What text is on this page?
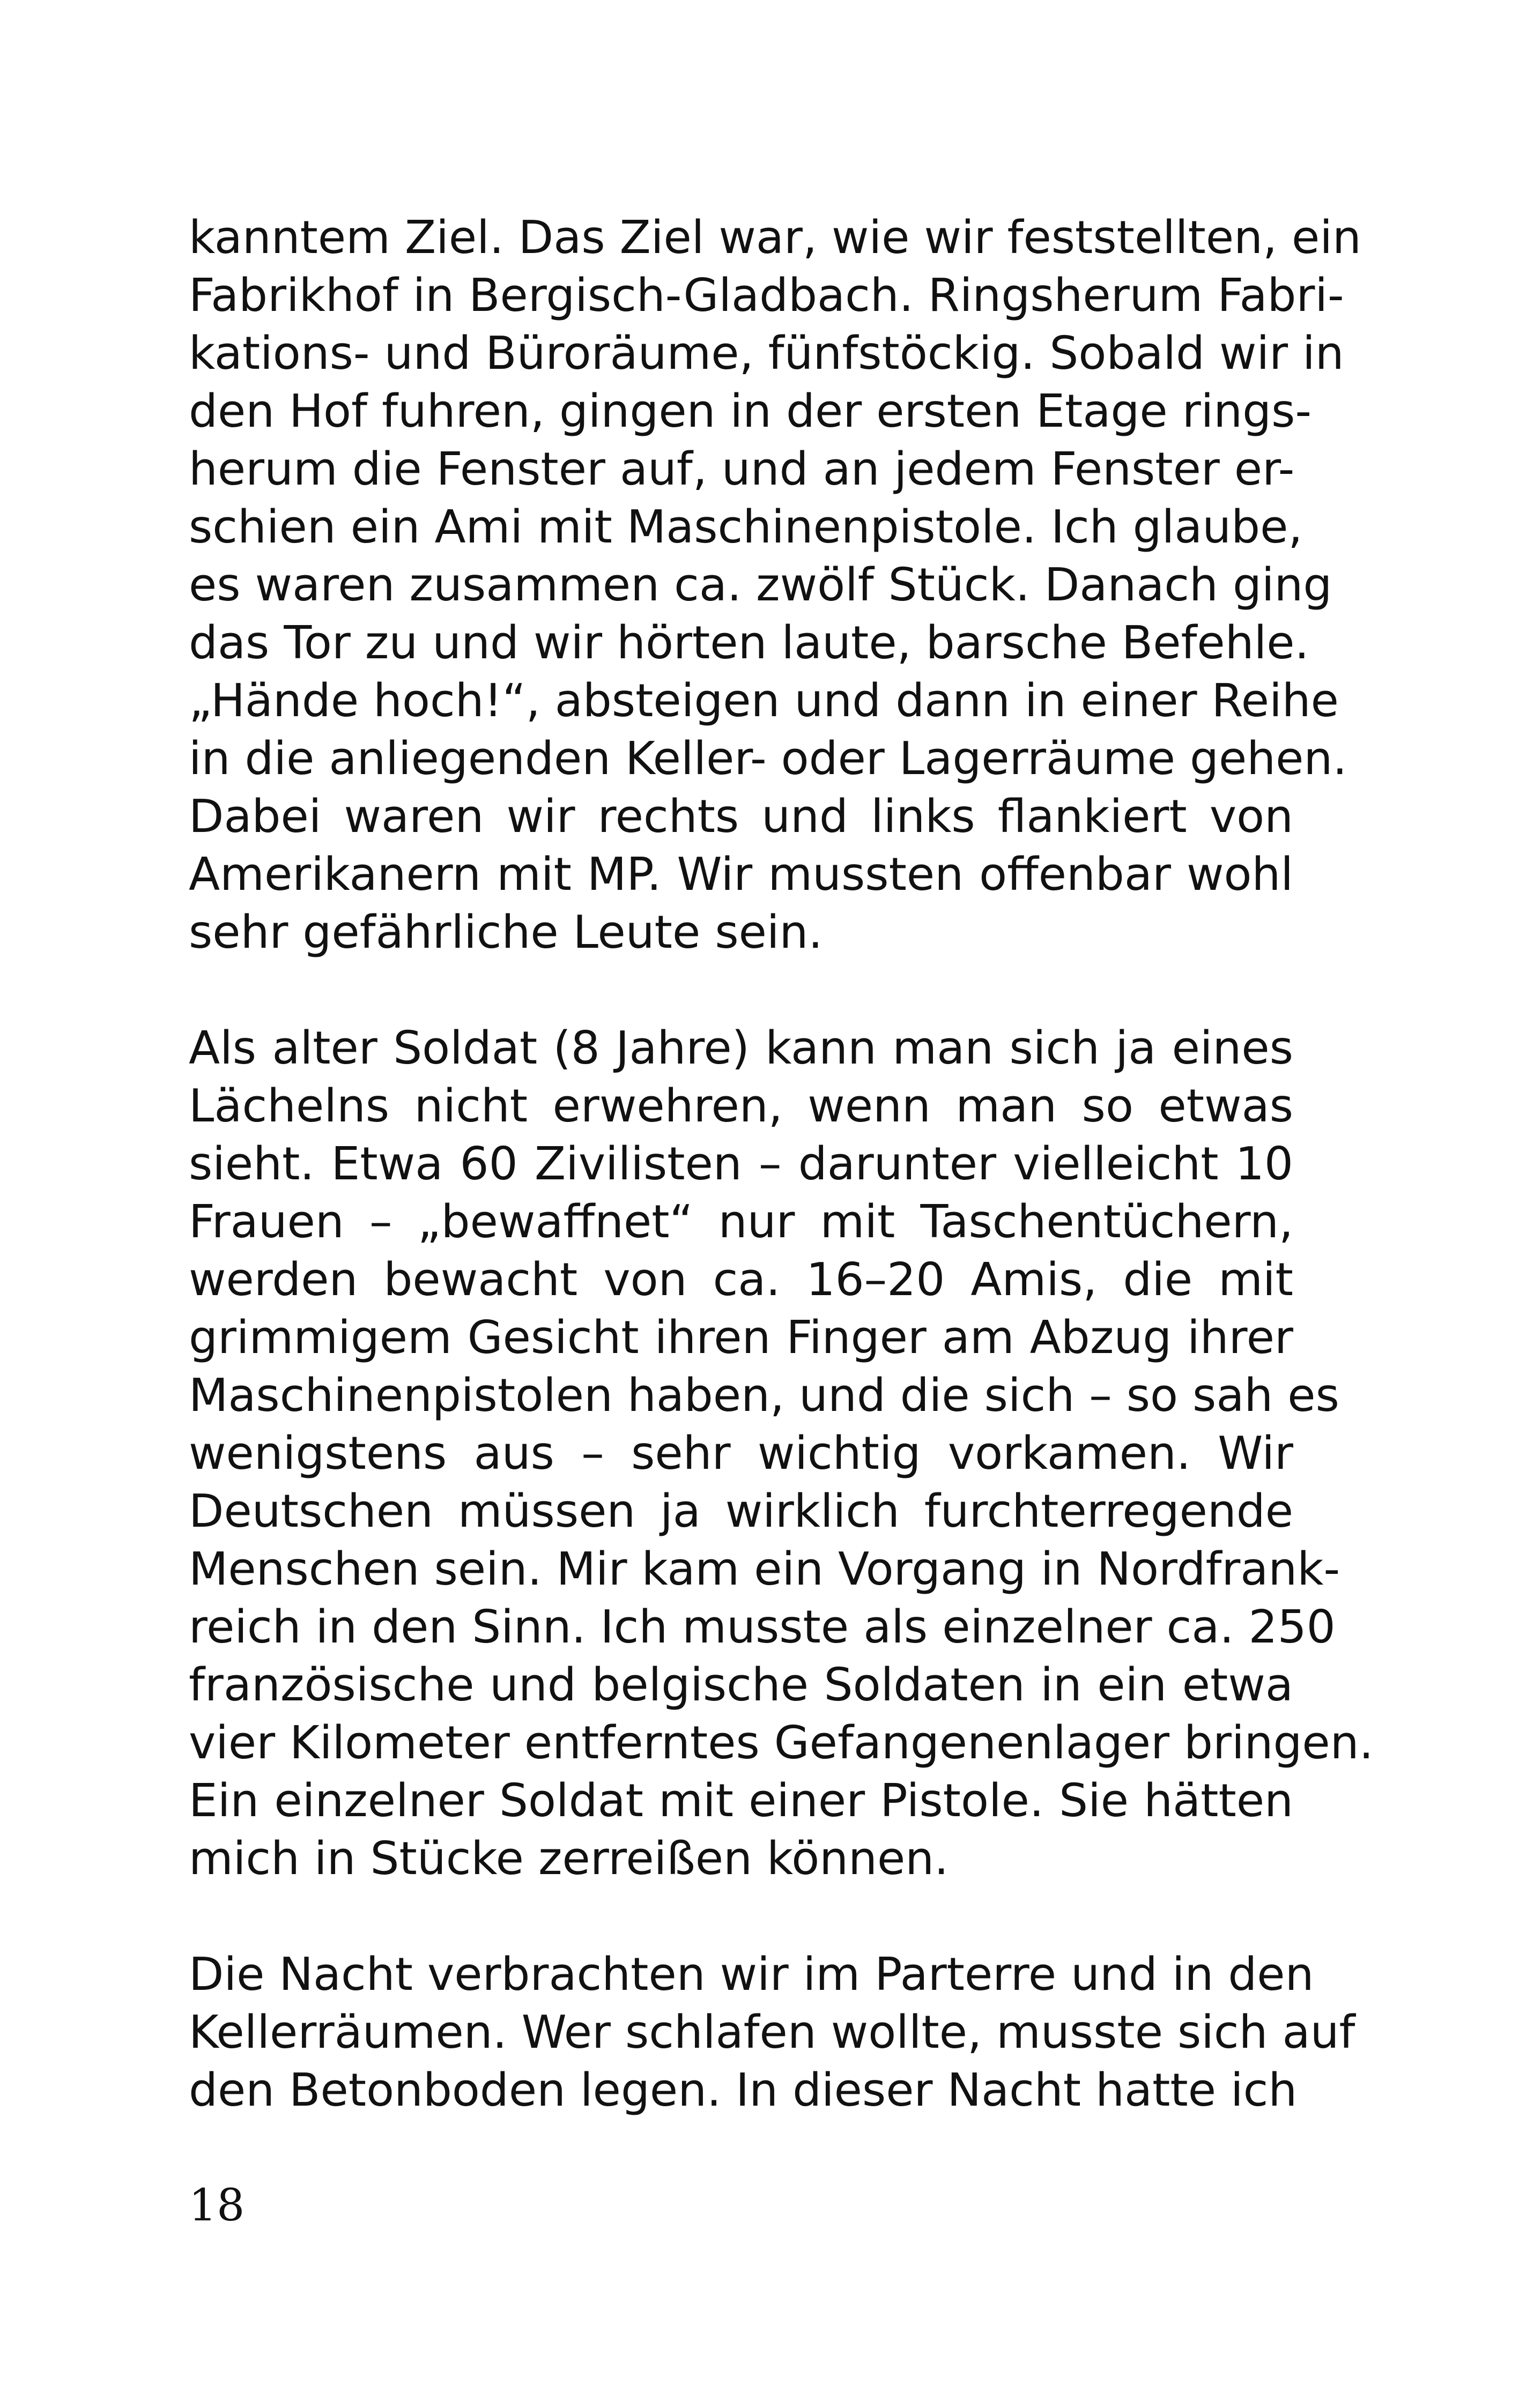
kanntem Ziel. Das Ziel war, wie wir feststellten, ein
Fabrikhof in Bergisch-Gladbach. Ringsherum Fabri-
kations- und Büroräume, fünfstöckig. Sobald wir in
den Hof fuhren, gingen in der ersten Etage rings-
herum die Fenster auf, und an jedem Fenster er-
schien ein Ami mit Maschinenpistole. Ich glaube,
es waren zusammen ca. zwölf Stück. Danach ging
das Tor zu und wir hörten laute, barsche Befehle.
„Hände hoch!“, absteigen und dann in einer Reihe
in die anliegenden Keller- oder Lagerräume gehen.
Dabei waren wir rechts und links flankiert von
Amerikanern mit MP. Wir mussten offenbar wohl
sehr gefährliche Leute sein.

Als alter Soldat (8 Jahre) kann man sich ja eines
Lächelns nicht erwehren, wenn man so etwas
sieht. Etwa 60 Zivilisten – darunter vielleicht 10
Frauen – „bewaffnet“ nur mit Taschentüchern,
werden bewacht von ca. 16–20 Amis, die mit
grimmigem Gesicht ihren Finger am Abzug ihrer
Maschinenpistolen haben, und die sich – so sah es
wenigstens aus – sehr wichtig vorkamen. Wir
Deutschen müssen ja wirklich furchterregende
Menschen sein. Mir kam ein Vorgang in Nordfrank-
reich in den Sinn. Ich musste als einzelner ca. 250
französische und belgische Soldaten in ein etwa
vier Kilometer entferntes Gefangenenlager bringen.
Ein einzelner Soldat mit einer Pistole. Sie hätten
mich in Stücke zerreißen können.

Die Nacht verbrachten wir im Parterre und in den
Kellerräumen. Wer schlafen wollte, musste sich auf
den Betonboden legen. In dieser Nacht hatte ich

18
